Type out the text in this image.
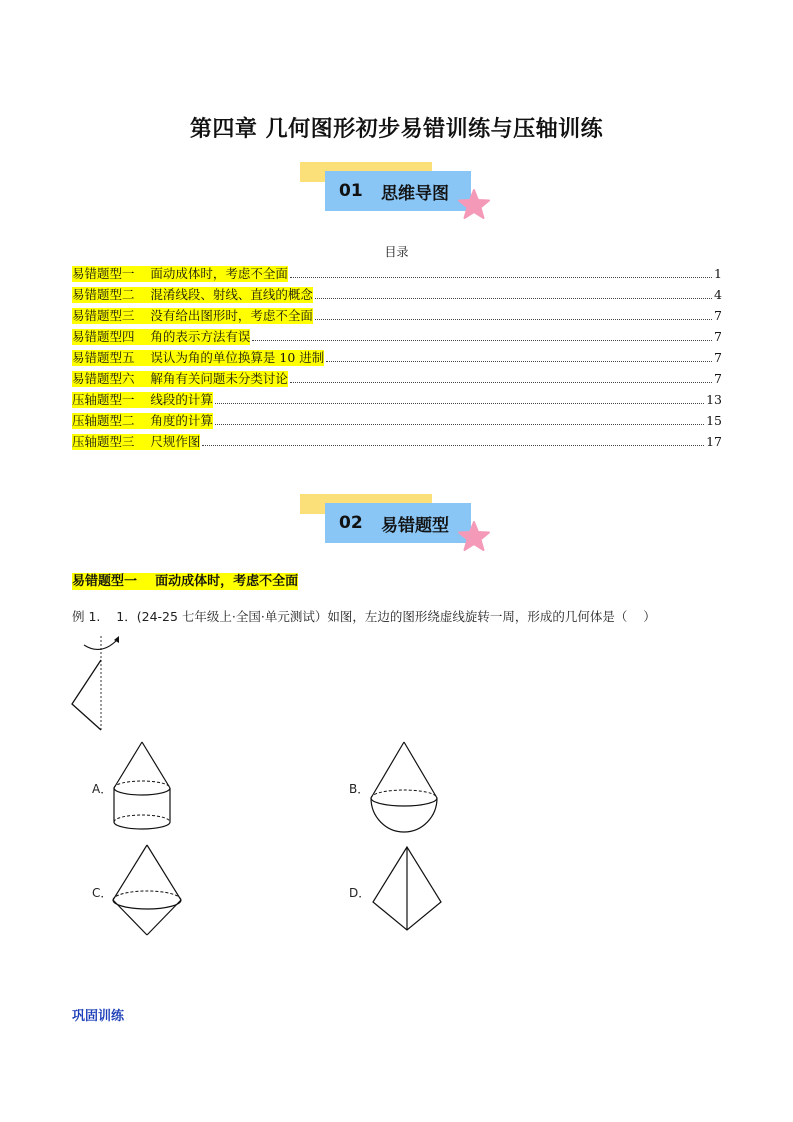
第四章 几何图形初步易错训练与压轴训练
01	思维导图
目录
易错题型一    面动成体时，考虑不全面	1
易错题型二    混淆线段、射线、直线的概念	4
易错题型三    没有给出图形时，考虑不全面	7
易错题型四    角的表示方法有误	7
易错题型五    误认为角的单位换算是 10 进制	7
易错题型六    解角有关问题未分类讨论	7
压轴题型一    线段的计算	13
压轴题型二    角度的计算	15
压轴题型三    尺规作图	17
02	易错题型
易错题型一    面动成体时，考虑不全面
例 1.    1．(24-25 七年级上·全国·单元测试）如图，左边的图形绕虚线旋转一周，形成的几何体是（    ）
A．	B．
C．	D．
巩固训练
